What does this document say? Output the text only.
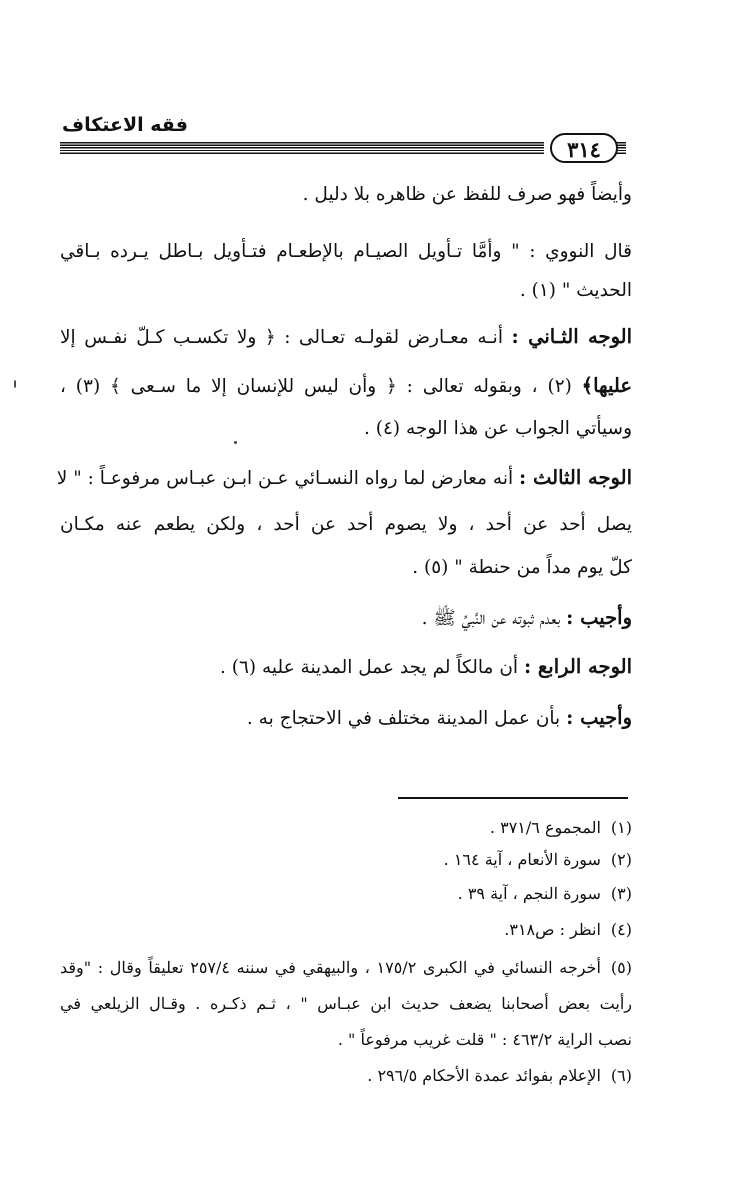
فقه الاعتكاف
٣١٤
وأيضاً فهو صرف للفظ عن ظاهره بلا دليل .
قال النووي : " وأمَّا تـأويل الصيـام بالإطعـام فتـأويل بـاطل يـرده بـاقي
الحديث " (١) .
الوجه الثـاني : أنـه معـارض لقولـه تعـالى : ﴿ ولا تكسـب كـلّ نفـس إلا
عليها﴾ (٢) ، وبقوله تعالى : ﴿ وأن ليس للإنسان إلا ما سـعى ﴾ (٣) ،
وسيأتي الجواب عن هذا الوجه (٤) .
الوجه الثالث : أنه معارض لما رواه النسـائي عـن ابـن عبـاس مرفوعـاً : " لا
يصل أحد عن أحد ، ولا يصوم أحد عن أحد ، ولكن يطعم عنه مكـان
كلّ يوم مداً من حنطة " (٥) .
وأجيب : بعدم ثبوته عن النَّبيِّ ﷺ .
الوجه الرابع : أن مالكاً لم يجد عمل المدينة عليه (٦) .
وأجيب : بأن عمل المدينة مختلف في الاحتجاج به .
(١)المجموع ٣٧١/٦ .
(٢)سورة الأنعام ، آية ١٦٤ .
(٣)سورة النجم ، آية ٣٩ .
(٤)انظر : ص٣١٨.
(٥)أخرجه النسائي في الكبرى ١٧٥/٢ ، والبيهقي في سننه ٢٥٧/٤ تعليقاً وقال : "وقد
رأيت بعض أصحابنا يضعف حديث ابن عبـاس " ، ثـم ذكـره . وقـال الزيلعي في
نصب الراية ٤٦٣/٢ : " قلت غريب مرفوعاً " .
(٦)الإعلام بفوائد عمدة الأحكام ٢٩٦/٥ .
